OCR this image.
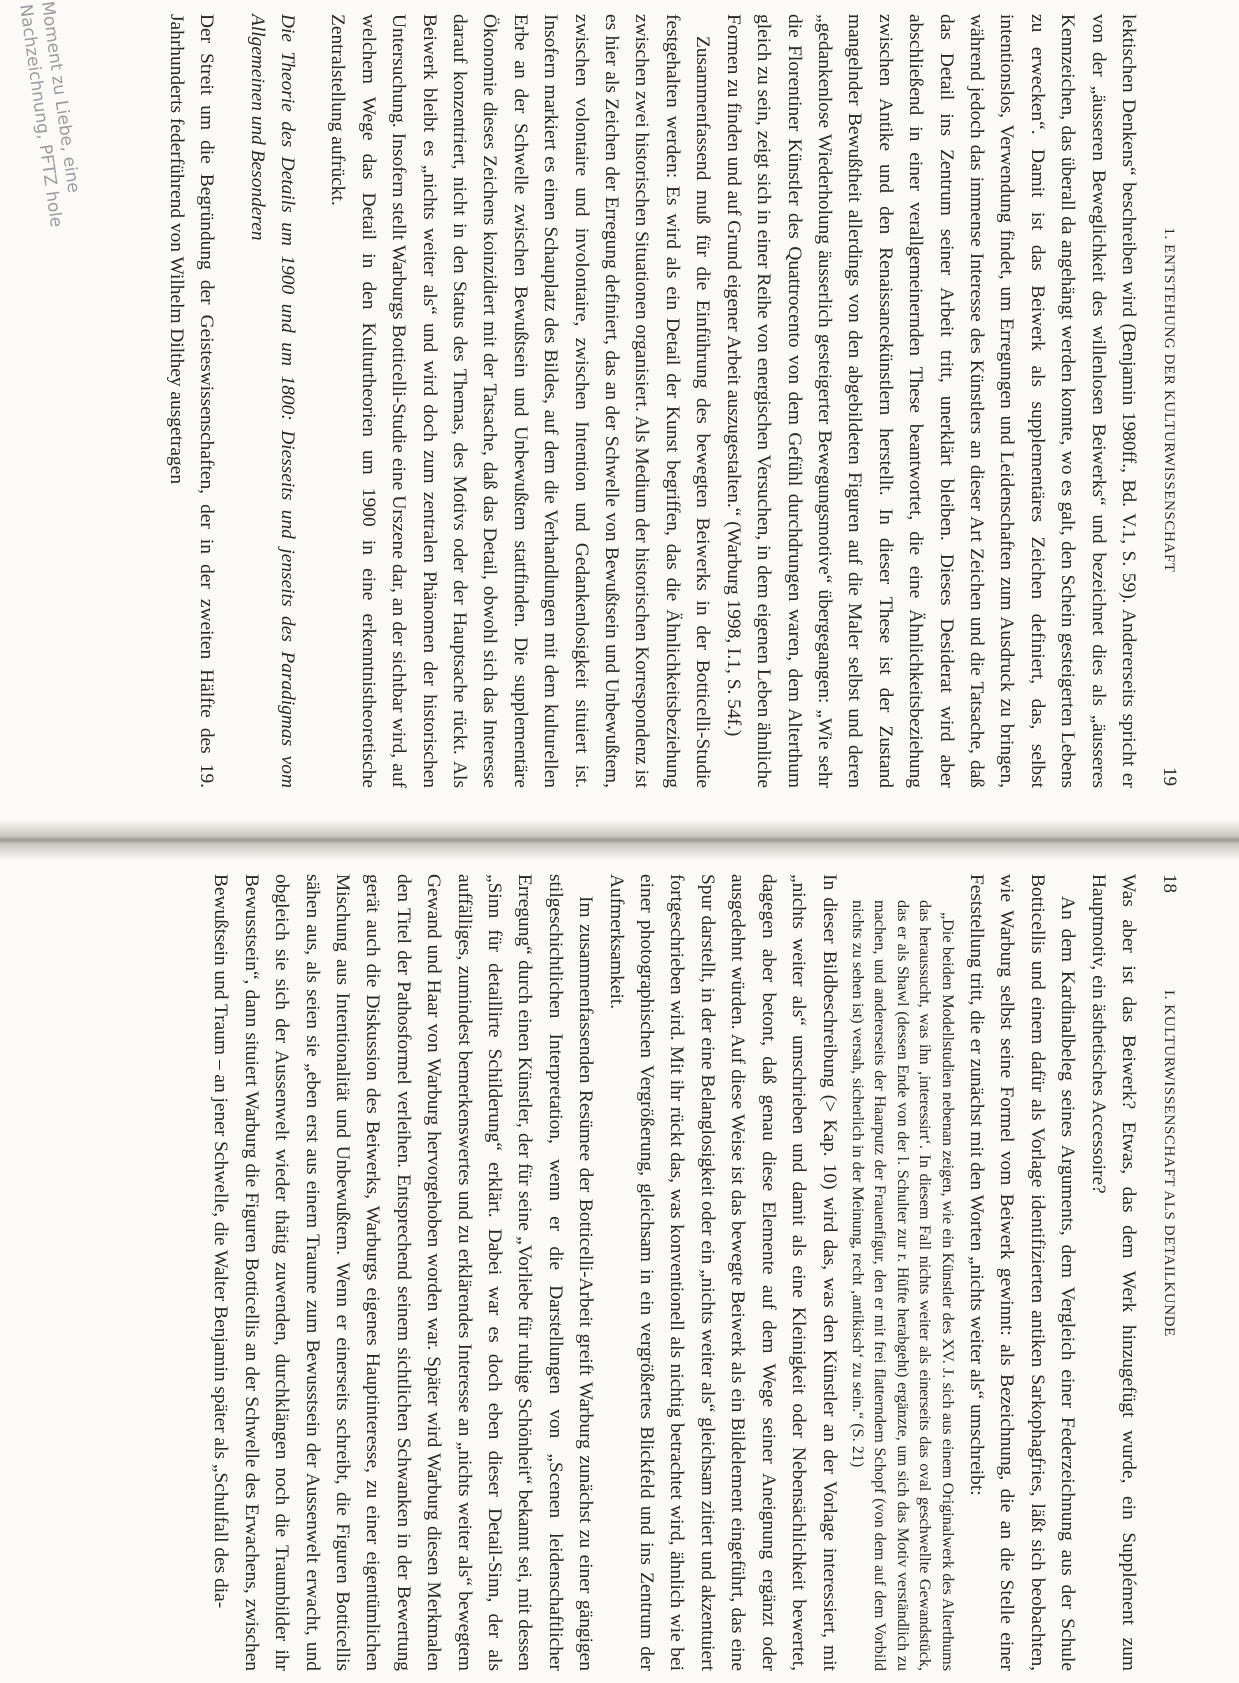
1. ENTSTEHUNG DER KULTURWISSENSCHAFT
19

lektischen Denkens“ beschreiben wird (Benjamin 1980ff., Bd. V.1, S. 59). Andererseits spricht er von der „äusseren Beweglichkeit des willenlosen Beiwerks“ und bezeichnet dies als „äusseres Kennzeichen, das überall da angehängt werden konnte, wo es galt, den Schein gesteigerten Lebens zu erwecken“. Damit ist das Beiwerk als supplementäres Zeichen definiert, das, selbst intentionslos, Verwendung findet, um Erregungen und Leidenschaften zum Ausdruck zu bringen, während jedoch das immense Interesse des Künstlers an dieser Art Zeichen und die Tatsache, daß das Detail ins Zentrum seiner Arbeit tritt, unerklärt bleiben. Dieses Desiderat wird aber abschließend in einer verallgemeinernden These beantwortet, die eine Ähnlichkeitsbeziehung zwischen Antike und den Renaissancekünstlern herstellt. In dieser These ist der Zustand mangelnder Bewußtheit allerdings von den abgebildeten Figuren auf die Maler selbst und deren „gedankenlose Wiederholung äusserlich gesteigerter Bewegungsmotive“ übergegangen: „Wie sehr die Florentiner Künstler des Quattrocento von dem Gefühl durchdrungen waren, dem Alterthum gleich zu sein, zeigt sich in einer Reihe von energischen Versuchen, in dem eigenen Leben ähnliche Formen zu finden und auf Grund eigener Arbeit auszugestalten.“ (Warburg 1998, I.1, S. 54f.)

Zusammenfassend muß für die Einführung des bewegten Beiwerks in der Botticelli-Studie festgehalten werden: Es wird als ein Detail der Kunst begriffen, das die Ähnlichkeitsbeziehung zwischen zwei historischen Situationen organisiert. Als Medium der historischen Korrespondenz ist es hier als Zeichen der Erregung definiert, das an der Schwelle von Bewußtsein und Unbewußtem, zwischen volontaire und involontaire, zwischen Intention und Gedankenlosigkeit situiert ist. Insofern markiert es einen Schauplatz des Bildes, auf dem die Verhandlungen mit dem kulturellen Erbe an der Schwelle zwischen Bewußtsein und Unbewußtem stattfinden. Die supplementäre Ökonomie dieses Zeichens koinzidiert mit der Tatsache, daß das Detail, obwohl sich das Interesse darauf konzentriert, nicht in den Status des Themas, des Motivs oder der Hauptsache rückt. Als Beiwerk bleibt es „nichts weiter als“ und wird doch zum zentralen Phänomen der historischen Untersuchung. Insofern stellt Warburgs Botticelli-Studie eine Urszene dar, an der sichtbar wird, auf welchem Wege das Detail in den Kulturtheorien um 1900 in eine erkenntnistheoretische Zentralstellung aufrückt.

Die Theorie des Details um 1900 und um 1800: Diesseits und jenseits des Paradigmas vom Allgemeinen und Besonderen

Der Streit um die Begründung der Geisteswissenschaften, der in der zweiten Hälfte des 19. Jahrhunderts federführend von Wilhelm Dilthey ausgetragen

Moment zu Liebe, eine Nachzeichnung, PFTZ hole
18
I. KULTURWISSENSCHAFT ALS DETAILKUNDE

Was aber ist das Beiwerk? Etwas, das dem Werk hinzugefügt wurde, ein Supplément zum Hauptmotiv, ein ästhetisches Accessoire?

An dem Kardinalbeleg seines Arguments, dem Vergleich einer Federzeichnung aus der Schule Botticellis und einem dafür als Vorlage identifizierten antiken Sarkophagfries, läßt sich beobachten, wie Warburg selbst seine Formel vom Beiwerk gewinnt: als Bezeichnung, die an die Stelle einer Feststellung tritt, die er zunächst mit den Worten „nichts weiter als“ umschreibt:

„Die beiden Modellstudien nebenan zeigen, wie ein Künstler des XV. J. sich aus einem Originalwerk des Alterthums das heraussucht, was ihn ‚interessirt‘. In diesem Fall nichts weiter als einerseits das oval geschwellte Gewandstück, das er als Shawl (dessen Ende von der l. Schulter zur r. Hüfte herabgeht) ergänzte, um sich das Motiv verständlich zu machen, und andererseits der Haarputz der Frauenfigur, den er mit frei flatterndem Schopf (von dem auf dem Vorbild nichts zu sehen ist) versah, sicherlich in der Meinung, recht ‚antikisch‘ zu sein.“ (S. 21)

In dieser Bildbeschreibung (> Kap. 10) wird das, was den Künstler an der Vorlage interessiert, mit „nichts weiter als“ umschrieben und damit als eine Kleinigkeit oder Nebensächlichkeit bewertet, dagegen aber betont, daß genau diese Elemente auf dem Wege seiner Aneignung ergänzt oder ausgedehnt würden. Auf diese Weise ist das bewegte Beiwerk als ein Bildelement eingeführt, das eine Spur darstellt, in der eine Belanglosigkeit oder ein „nichts weiter als“ gleichsam zitiert und akzentuiert fortgeschrieben wird. Mit ihr rückt das, was konventionell als nichtig betrachtet wird, ähnlich wie bei einer photographischen Vergrößerung, gleichsam in ein vergrößertes Blickfeld und ins Zentrum der Aufmerksamkeit.

Im zusammenfassenden Resümee der Botticelli-Arbeit greift Warburg zunächst zu einer gängigen stilgeschichtlichen Interpretation, wenn er die Darstellungen von „Scenen leidenschaftlicher Erregung“ durch einen Künstler, der für seine „Vorliebe für ruhige Schönheit“ bekannt sei, mit dessen „Sinn für detaillirte Schilderung“ erklärt. Dabei war es doch eben dieser Detail-Sinn, der als auffälliges, zumindest bemerkenswertes und zu erklärendes Interesse an „nichts weiter als“ bewegtem Gewand und Haar von Warburg hervorgehoben worden war. Später wird Warburg diesen Merkmalen den Titel der Pathosformel verleihen. Entsprechend seinem sichtlichen Schwanken in der Bewertung gerät auch die Diskussion des Beiwerks, Warburgs eigenes Hauptinteresse, zu einer eigentümlichen Mischung aus Intentionalität und Unbewußtem. Wenn er einerseits schreibt, die Figuren Botticellis sähen aus, als seien sie „eben erst aus einem Traume zum Bewusstsein der Aussenwelt erwacht, und obgleich sie sich der Aussenwelt wieder thätig zuwenden, durchklängen noch die Traumbilder ihr Bewusstsein“, dann situiert Warburg die Figuren Botticellis an der Schwelle des Erwachens, zwischen Bewußtsein und Traum – an jener Schwelle, die Walter Benjamin später als „Schulfall des dia-
